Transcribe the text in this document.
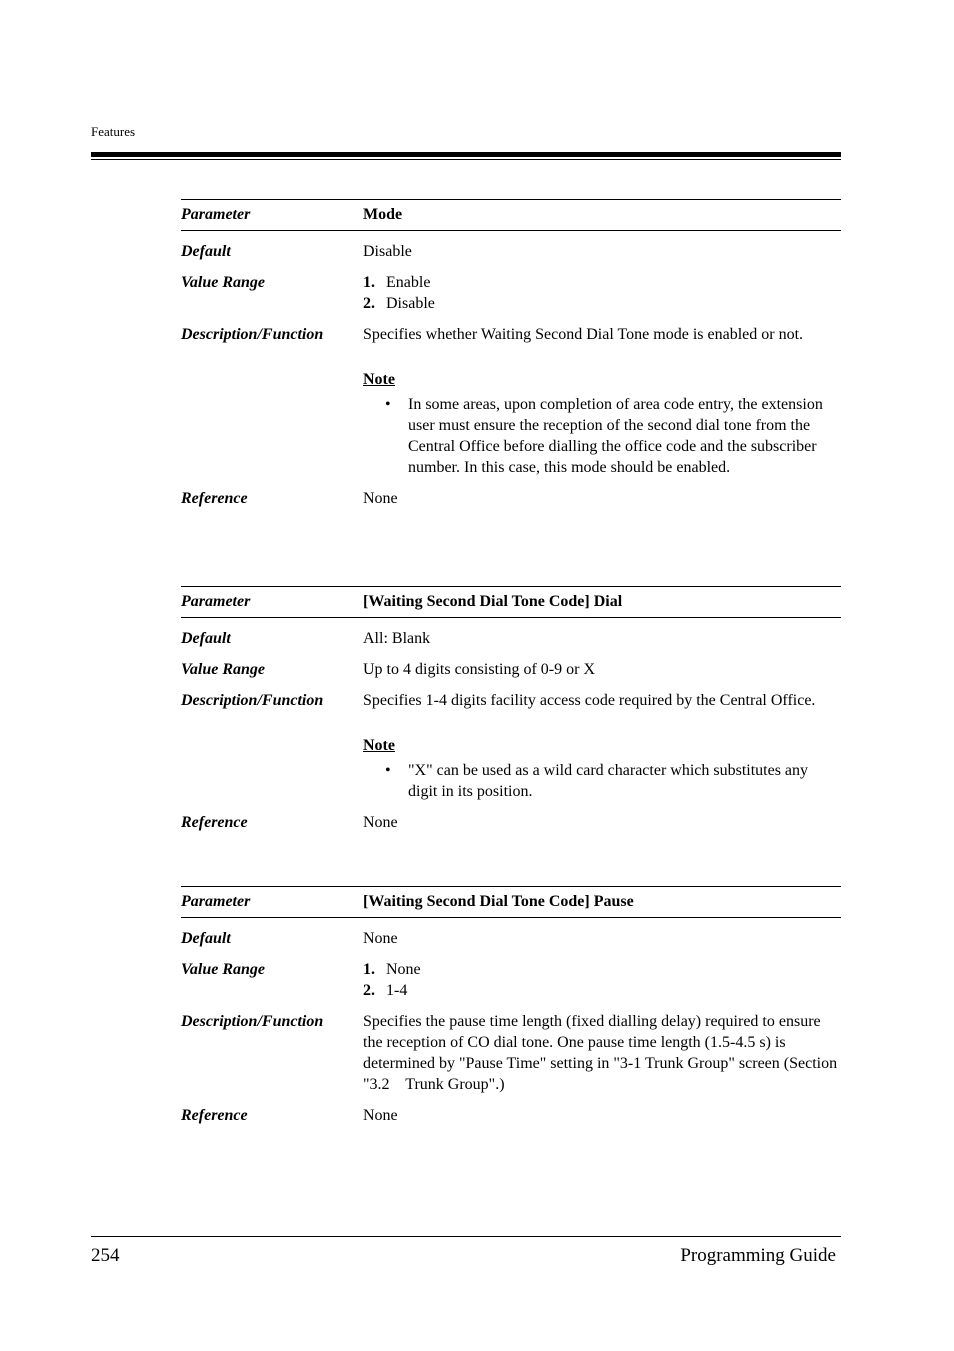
Features
Parameter	Mode
Default	Disable
Value Range	1. Enable
2. Disable
Description/Function	Specifies whether Waiting Second Dial Tone mode is enabled or not.
Note
•	In some areas, upon completion of area code entry, the extension user must ensure the reception of the second dial tone from the Central Office before dialling the office code and the subscriber number. In this case, this mode should be enabled.
Reference	None
Parameter	[Waiting Second Dial Tone Code] Dial
Default	All: Blank
Value Range	Up to 4 digits consisting of 0-9 or X
Description/Function	Specifies 1-4 digits facility access code required by the Central Office.
Note
•	"X" can be used as a wild card character which substitutes any digit in its position.
Reference	None
Parameter	[Waiting Second Dial Tone Code] Pause
Default	None
Value Range	1. None
2. 1-4
Description/Function	Specifies the pause time length (fixed dialling delay) required to ensure the reception of CO dial tone. One pause time length (1.5-4.5 s) is determined by "Pause Time" setting in "3-1 Trunk Group" screen (Section "3.2    Trunk Group".)
Reference	None
254	Programming Guide
